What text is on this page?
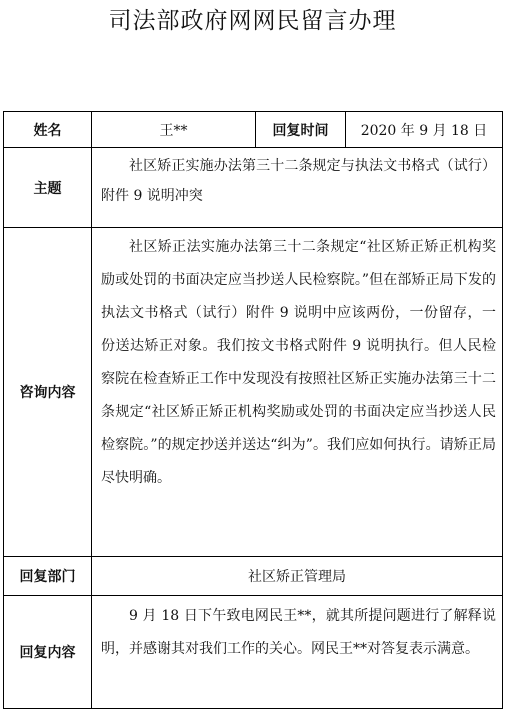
司法部政府网网民留言办理
姓名	王**	回复时间	2020 年 9 月 18 日
主题	社区矫正实施办法第三十二条规定与执法文书格式（试行）附件 9 说明冲突		
咨询内容	社区矫正法实施办法第三十二条规定“社区矫正矫正机构奖励或处罚的书面决定应当抄送人民检察院。”但在部矫正局下发的执法文书格式（试行）附件 9 说明中应该两份，一份留存，一份送达矫正对象。我们按文书格式附件 9 说明执行。但人民检察院在检查矫正工作中发现没有按照社区矫正实施办法第三十二条规定“社区矫正矫正机构奖励或处罚的书面决定应当抄送人民检察院。”的规定抄送并送达“纠为”。我们应如何执行。请矫正局尽快明确。		
回复部门	社区矫正管理局		
回复内容	9 月 18 日下午致电网民王**，就其所提问题进行了解释说明，并感谢其对我们工作的关心。网民王**对答复表示满意。		
